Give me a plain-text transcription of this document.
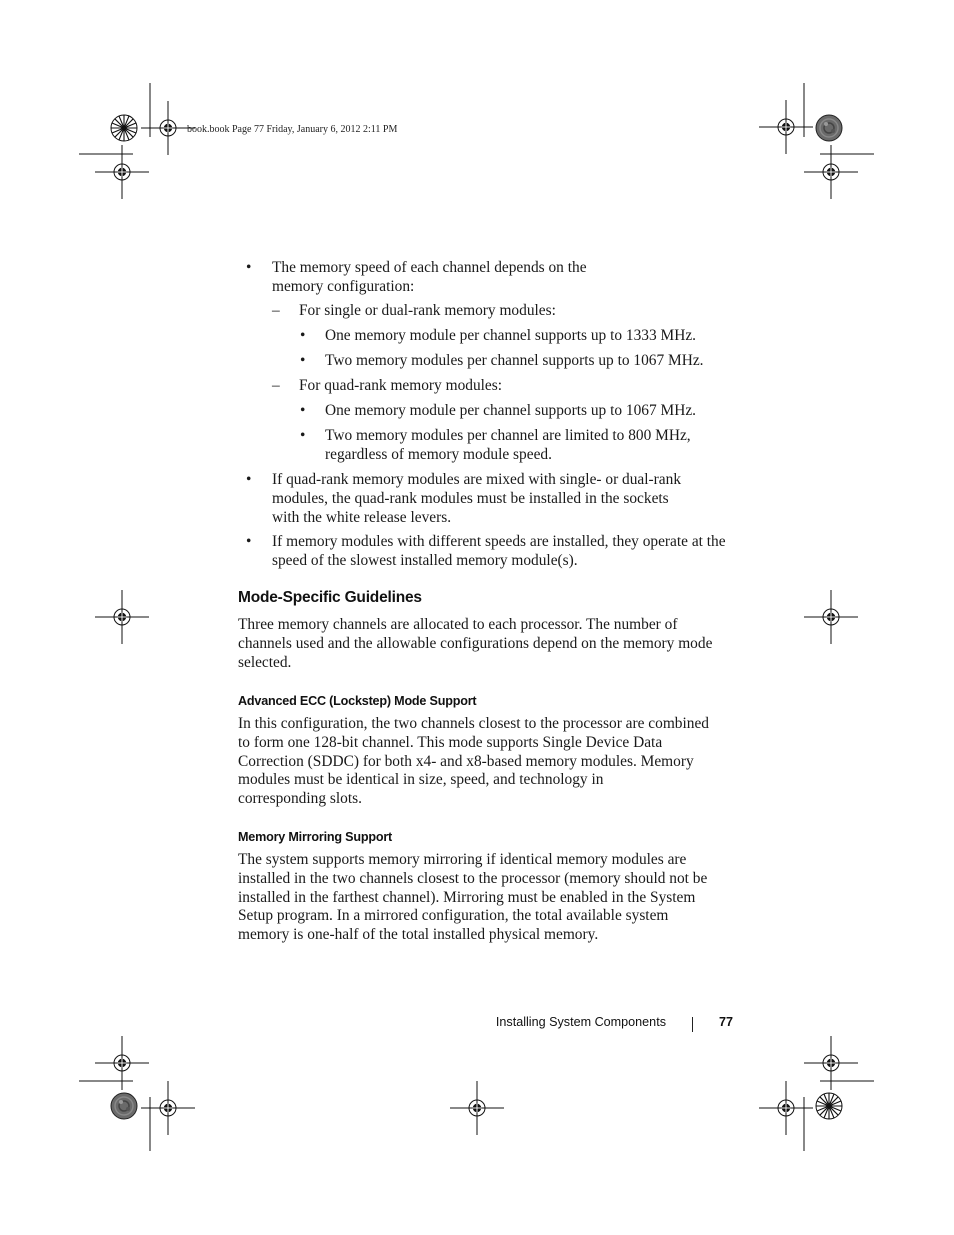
book.book Page 77 Friday, January 6, 2012 2:11 PM
• The memory speed of each channel depends on the
memory configuration:
– For single or dual-rank memory modules:
• One memory module per channel supports up to 1333 MHz.
• Two memory modules per channel supports up to 1067 MHz.
– For quad-rank memory modules:
• One memory module per channel supports up to 1067 MHz.
• Two memory modules per channel are limited to 800 MHz,
regardless of memory module speed.
• If quad-rank memory modules are mixed with single- or dual-rank
modules, the quad-rank modules must be installed in the sockets
with the white release levers.
• If memory modules with different speeds are installed, they operate at the
speed of the slowest installed memory module(s).
Mode-Specific Guidelines
Three memory channels are allocated to each processor. The number of
channels used and the allowable configurations depend on the memory mode
selected.
Advanced ECC (Lockstep) Mode Support
In this configuration, the two channels closest to the processor are combined
to form one 128-bit channel. This mode supports Single Device Data
Correction (SDDC) for both x4- and x8-based memory modules. Memory
modules must be identical in size, speed, and technology in
corresponding slots.
Memory Mirroring Support
The system supports memory mirroring if identical memory modules are
installed in the two channels closest to the processor (memory should not be
installed in the farthest channel). Mirroring must be enabled in the System
Setup program. In a mirrored configuration, the total available system
memory is one-half of the total installed physical memory.
Installing System Components	77
